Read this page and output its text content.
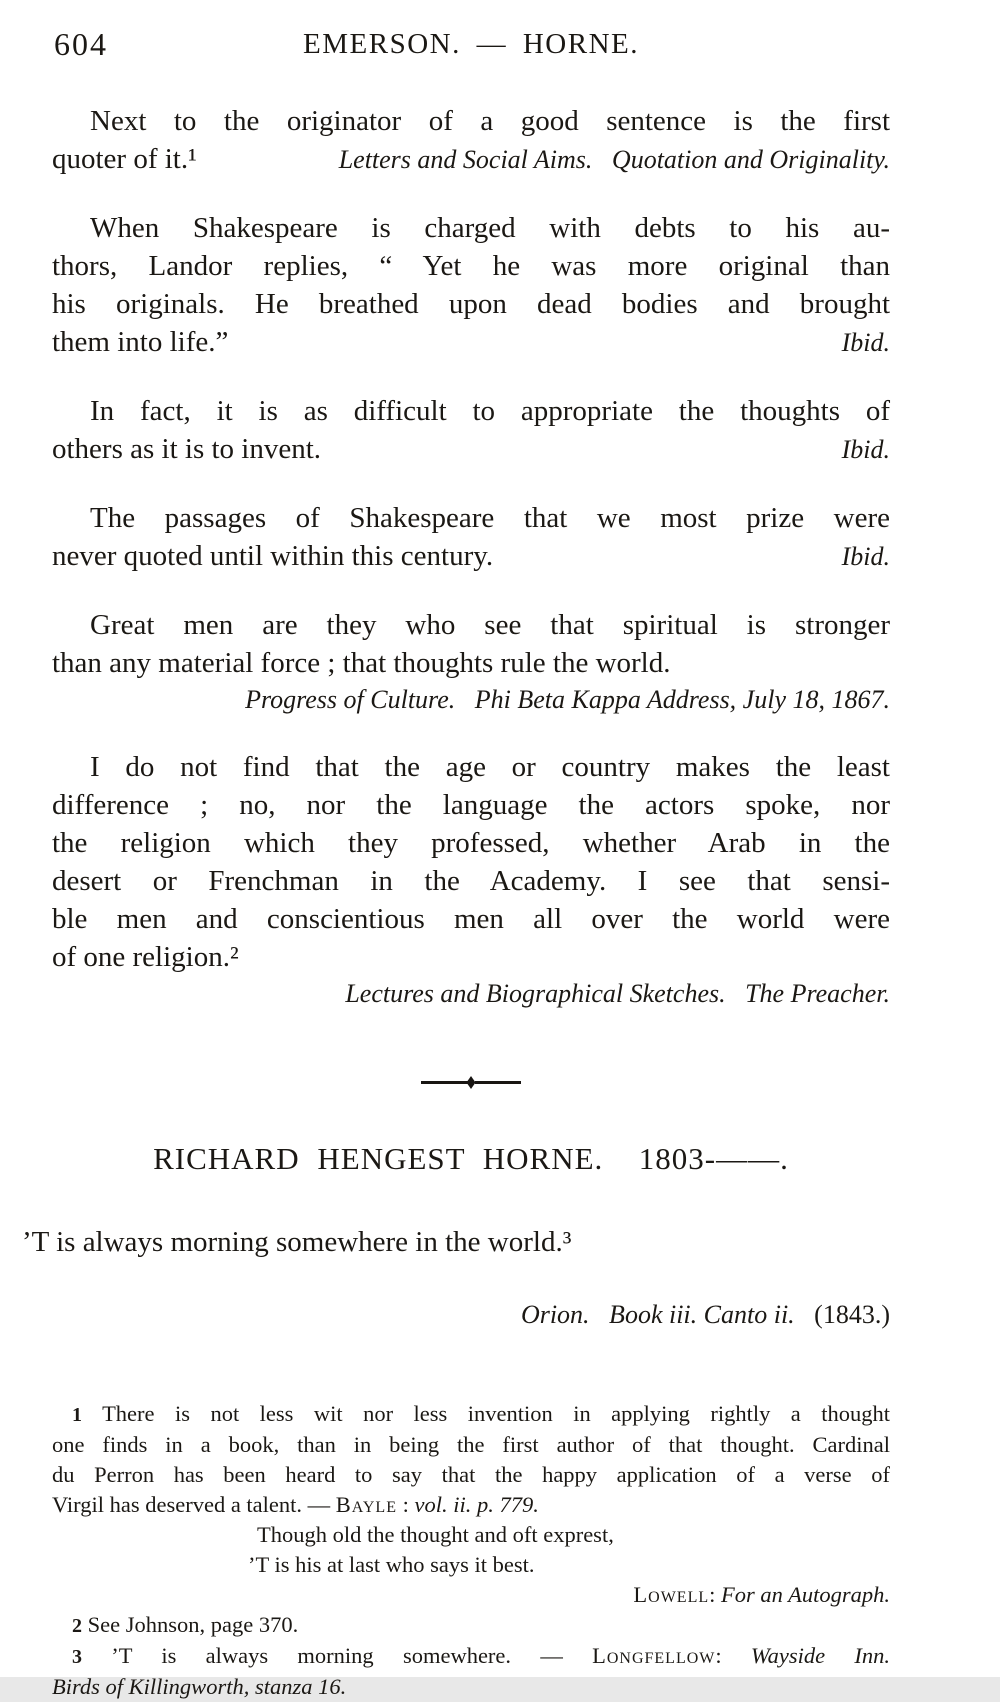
604	EMERSON. — HORNE.
Next to the originator of a good sentence is the first
quoter of it.¹	Letters and Social Aims.   Quotation and Originality.
When Shakespeare is charged with debts to his au-
thors, Landor replies, “ Yet he was more original than
his originals. He breathed upon dead bodies and brought
them into life.”	Ibid.
In fact, it is as difficult to appropriate the thoughts of
others as it is to invent.	Ibid.
The passages of Shakespeare that we most prize were
never quoted until within this century.	Ibid.
Great men are they who see that spiritual is stronger
than any material force ; that thoughts rule the world.
Progress of Culture.   Phi Beta Kappa Address, July 18, 1867.
I do not find that the age or country makes the least
difference ; no, nor the language the actors spoke, nor
the religion which they professed, whether Arab in the
desert or Frenchman in the Academy. I see that sensi-
ble men and conscientious men all over the world were
of one religion.²
Lectures and Biographical Sketches.   The Preacher.
RICHARD HENGEST HORNE.  1803-——.
’T is always morning somewhere in the world.³

Orion.   Book iii. Canto ii.   (1843.)

1 There is not less wit nor less invention in applying rightly a thought
one finds in a book, than in being the first author of that thought. Cardinal
du Perron has been heard to say that the happy application of a verse of
Virgil has deserved a talent. — Bayle : vol. ii. p. 779.
Though old the thought and oft exprest,
’T is his at last who says it best.
Lowell: For an Autograph.
2 See Johnson, page 370.
3 ’T is always morning somewhere. — Longfellow: Wayside Inn.
Birds of Killingworth, stanza 16.
